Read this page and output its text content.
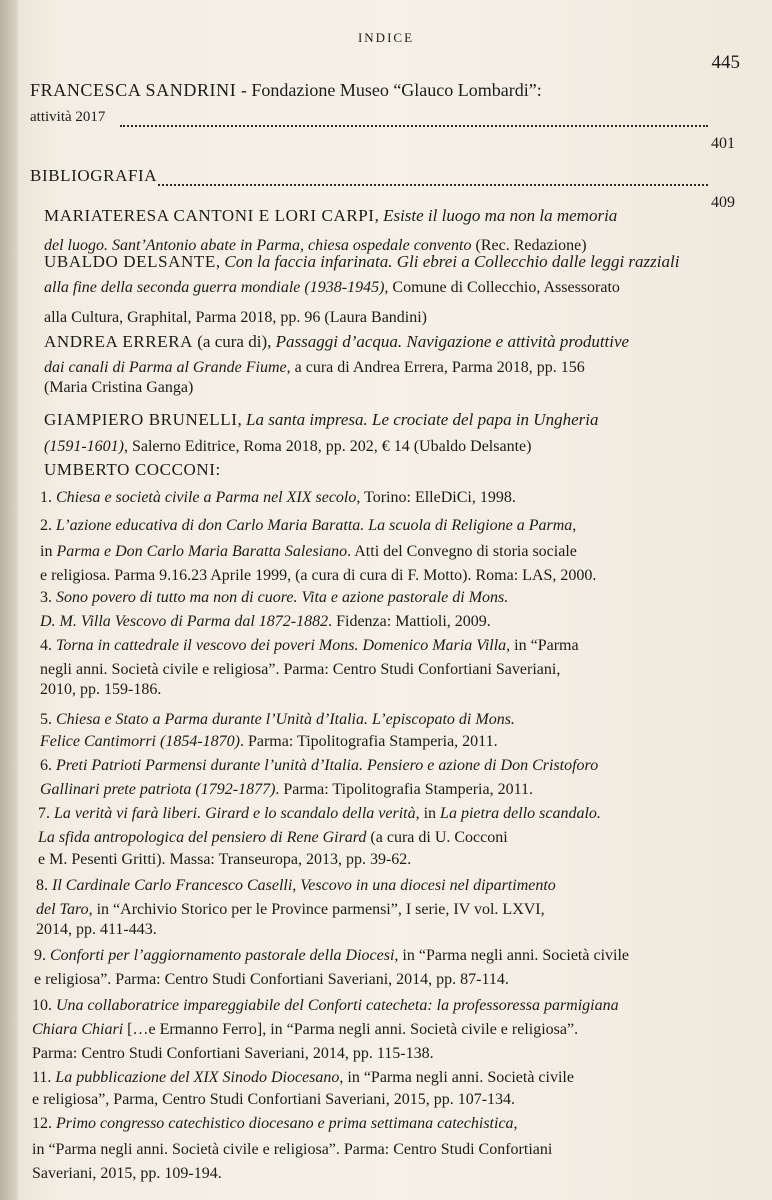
INDICE
445
FRANCESCA SANDRINI - Fondazione Museo “Glauco Lombardi”:
attività 2017
401
BIBLIOGRAFIA
409
MARIATERESA CANTONI E LORI CARPI, Esiste il luogo ma non la memoria
del luogo. Sant’Antonio abate in Parma, chiesa ospedale convento (Rec. Redazione)
UBALDO DELSANTE, Con la faccia infarinata. Gli ebrei a Collecchio dalle leggi razziali
alla fine della seconda guerra mondiale (1938-1945), Comune di Collecchio, Assessorato
alla Cultura, Graphital, Parma 2018, pp. 96 (Laura Bandini)
ANDREA ERRERA (a cura di), Passaggi d’acqua. Navigazione e attività produttive
dai canali di Parma al Grande Fiume, a cura di Andrea Errera, Parma 2018, pp. 156
(Maria Cristina Ganga)
GIAMPIERO BRUNELLI, La santa impresa. Le crociate del papa in Ungheria
(1591-1601), Salerno Editrice, Roma 2018, pp. 202, € 14 (Ubaldo Delsante)
UMBERTO COCCONI:
1. Chiesa e società civile a Parma nel XIX secolo, Torino: ElleDiCi, 1998.
2. L’azione educativa di don Carlo Maria Baratta. La scuola di Religione a Parma,
in Parma e Don Carlo Maria Baratta Salesiano. Atti del Convegno di storia sociale
e religiosa. Parma 9.16.23 Aprile 1999, (a cura di cura di F. Motto). Roma: LAS, 2000.
3. Sono povero di tutto ma non di cuore. Vita e azione pastorale di Mons.
D. M. Villa Vescovo di Parma dal 1872-1882. Fidenza: Mattioli, 2009.
4. Torna in cattedrale il vescovo dei poveri Mons. Domenico Maria Villa, in “Parma
negli anni. Società civile e religiosa”. Parma: Centro Studi Confortiani Saveriani,
2010, pp. 159-186.
5. Chiesa e Stato a Parma durante l’Unità d’Italia. L’episcopato di Mons.
Felice Cantimorri (1854-1870). Parma: Tipolitografia Stamperia, 2011.
6. Preti Patrioti Parmensi durante l’unità d’Italia. Pensiero e azione di Don Cristoforo
Gallinari prete patriota (1792-1877). Parma: Tipolitografia Stamperia, 2011.
7. La verità vi farà liberi. Girard e lo scandalo della verità, in La pietra dello scandalo.
La sfida antropologica del pensiero di Rene Girard (a cura di U. Cocconi
e M. Pesenti Gritti). Massa: Transeuropa, 2013, pp. 39-62.
8. Il Cardinale Carlo Francesco Caselli, Vescovo in una diocesi nel dipartimento
del Taro, in “Archivio Storico per le Province parmensi”, I serie, IV vol. LXVI,
2014, pp. 411-443.
9. Conforti per l’aggiornamento pastorale della Diocesi, in “Parma negli anni. Società civile
e religiosa”. Parma: Centro Studi Confortiani Saveriani, 2014, pp. 87-114.
10. Una collaboratrice impareggiabile del Conforti catecheta: la professoressa parmigiana
Chiara Chiari […e Ermanno Ferro], in “Parma negli anni. Società civile e religiosa”.
Parma: Centro Studi Confortiani Saveriani, 2014, pp. 115-138.
11. La pubblicazione del XIX Sinodo Diocesano, in “Parma negli anni. Società civile
e religiosa”, Parma, Centro Studi Confortiani Saveriani, 2015, pp. 107-134.
12. Primo congresso catechistico diocesano e prima settimana catechistica,
in “Parma negli anni. Società civile e religiosa”. Parma: Centro Studi Confortiani
Saveriani, 2015, pp. 109-194.
